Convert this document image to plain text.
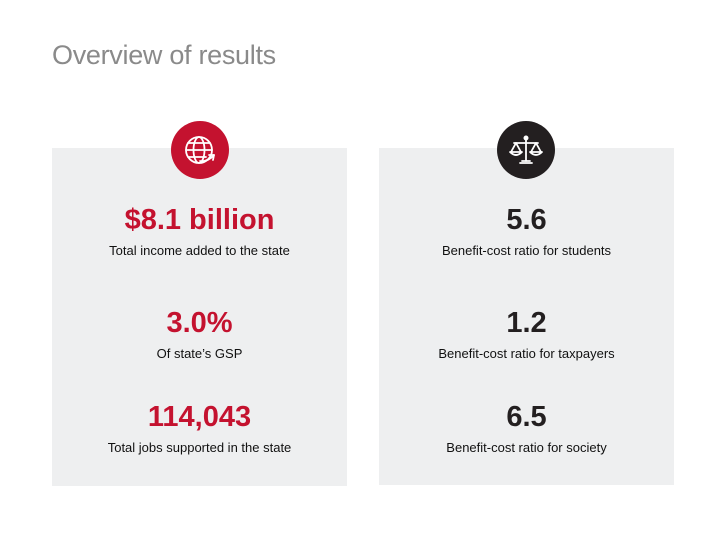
Overview of results
$8.1 billion
Total income added to the state
3.0%
Of state’s GSP
114,043
Total jobs supported in the state
5.6
Benefit-cost ratio for students
1.2
Benefit-cost ratio for taxpayers
6.5
Benefit-cost ratio for society
